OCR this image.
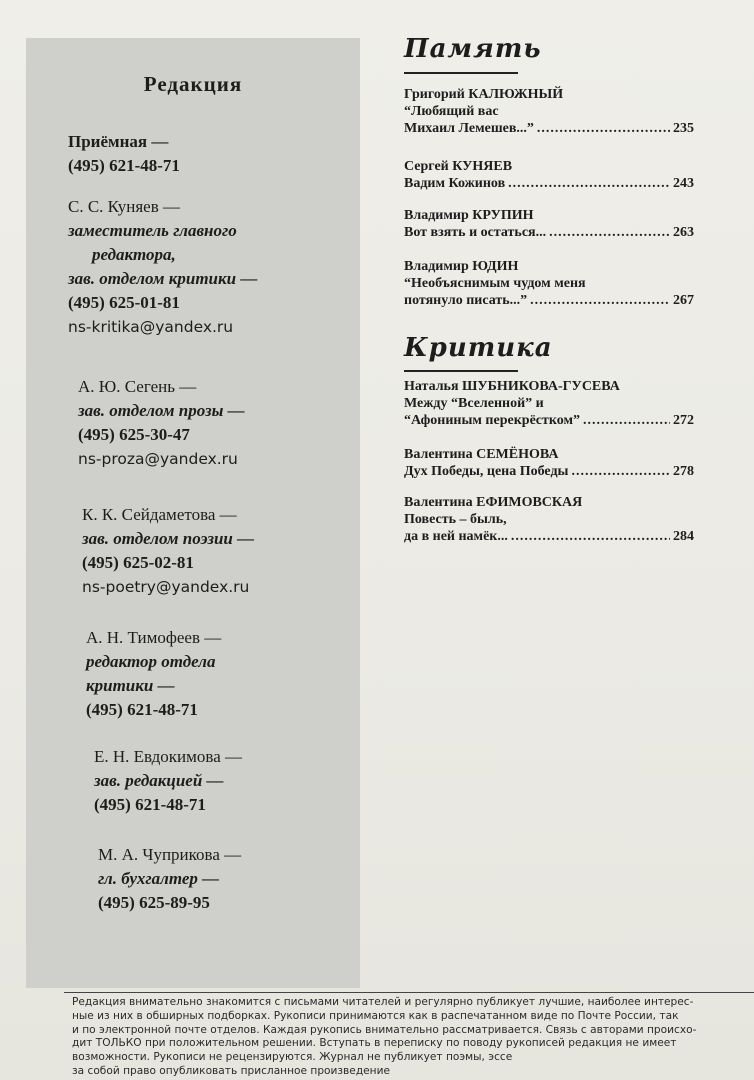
Редакция
Приёмная —
(495) 621-48-71
С. С. Куняев —
заместитель главного
редактора,
зав. отделом критики —
(495) 625-01-81
ns-kritika@yandex.ru
А. Ю. Сегень —
зав. отделом прозы —
(495) 625-30-47
ns-proza@yandex.ru
К. К. Сейдаметова —
зав. отделом поэзии —
(495) 625-02-81
ns-poetry@yandex.ru
А. Н. Тимофеев —
редактор отдела
критики —
(495) 621-48-71
Е. Н. Евдокимова —
зав. редакцией —
(495) 621-48-71
М. А. Чуприкова —
гл. бухгалтер —
(495) 625-89-95
Память
Григорий КАЛЮЖНЫЙ
“Любящий вас
Михаил Лемешев...” .....	235
Сергей КУНЯЕВ
Вадим Кожинов .....	243
Владимир КРУПИН
Вот взять и остаться... .....	263
Владимир ЮДИН
“Необъяснимым чудом меня
потянуло писать...” .....	267
Критика
Наталья ШУБНИКОВА-ГУСЕВА
Между “Вселенной” и
“Афониным перекрёстком” .....	272
Валентина СЕМЁНОВА
Дух Победы, цена Победы .....	278
Валентина ЕФИМОВСКАЯ
Повесть – быль,
да в ней намёк... .....	284
Редакция внимательно знакомится с письмами читателей и регулярно публикует лучшие, наиболее интерес-
ные из них в обширных подборках. Рукописи принимаются как в распечатанном виде по Почте России, так
и по электронной почте отделов. Каждая рукопись внимательно рассматривается. Связь с авторами происхо-
дит ТОЛЬКО при положительном решении. Вступать в переписку по поводу рукописей редакция не имеет
возможности. Рукописи не рецензируются. Журнал не публикует поэмы, эссе
за собой право опубликовать присланное произведение
